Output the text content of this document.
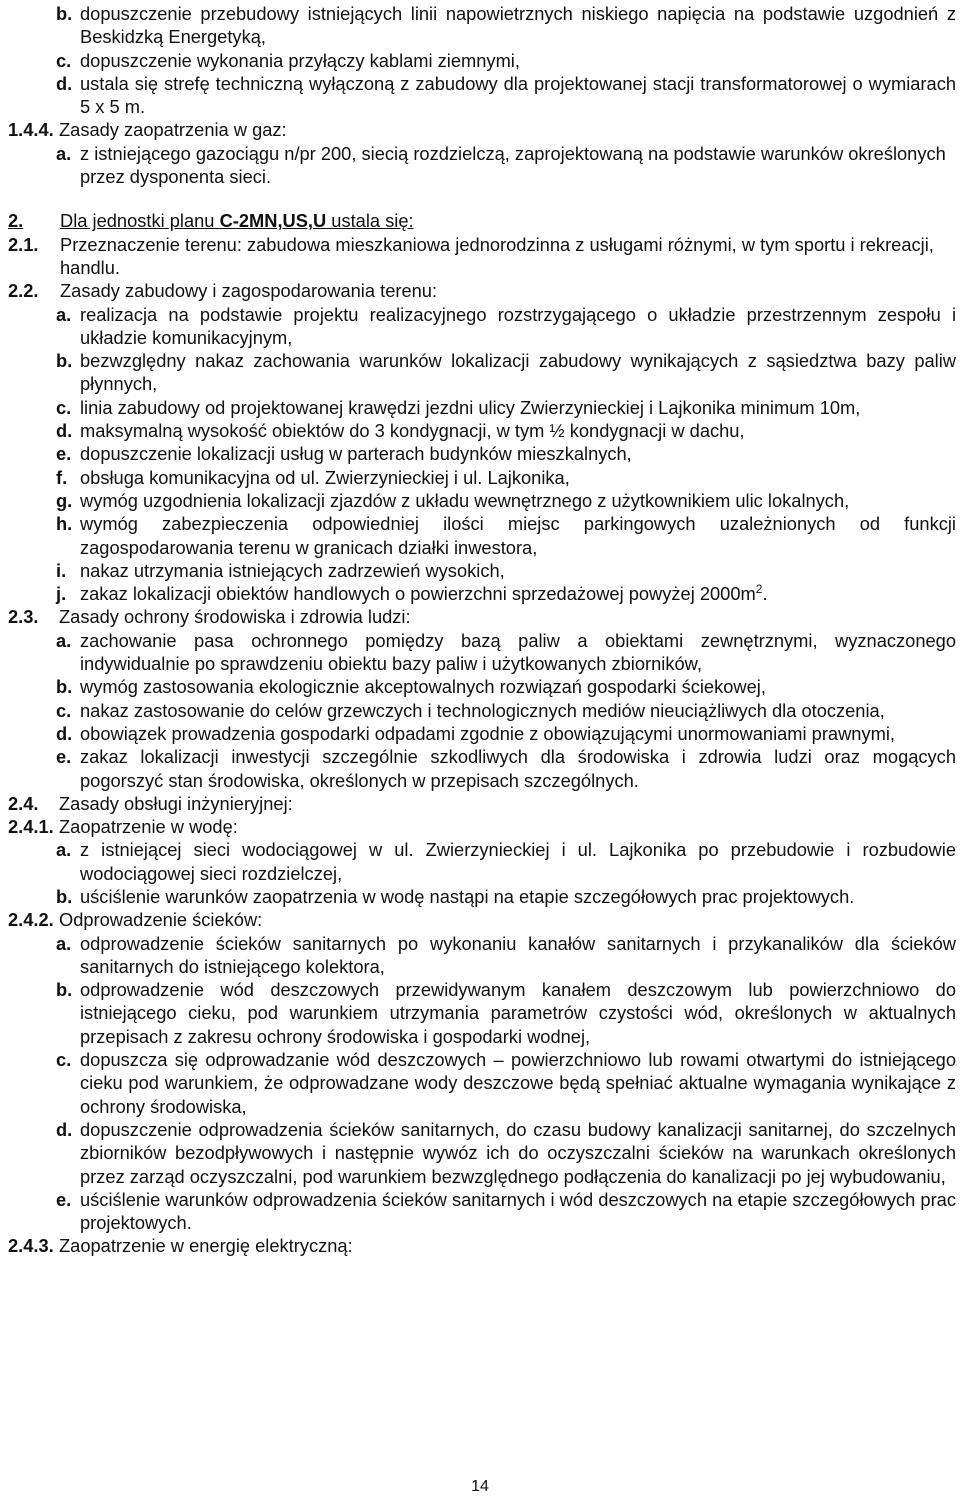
b. dopuszczenie przebudowy istniejących linii napowietrznych niskiego napięcia na podstawie uzgodnień z Beskidzką Energetyką,
c. dopuszczenie wykonania przyłączy kablami ziemnymi,
d. ustala się strefę techniczną wyłączoną z zabudowy dla projektowanej stacji transformatorowej o wymiarach 5 x 5 m.
1.4.4. Zasady zaopatrzenia w gaz:
a. z istniejącego gazociągu n/pr 200, siecią rozdzielczą, zaprojektowaną na podstawie warunków określonych przez dysponenta sieci.
2.	Dla jednostki planu C-2MN,US,U ustala się:
2.1.	Przeznaczenie terenu: zabudowa mieszkaniowa jednorodzinna z usługami różnymi, w tym sportu i rekreacji, handlu.
2.2.	Zasady zabudowy i zagospodarowania terenu:
a. realizacja na podstawie projektu realizacyjnego rozstrzygającego o układzie przestrzennym zespołu i układzie komunikacyjnym,
b. bezwzględny nakaz zachowania warunków lokalizacji zabudowy wynikających z sąsiedztwa bazy paliw płynnych,
c. linia zabudowy od projektowanej krawędzi jezdni ulicy Zwierzynieckiej i Lajkonika minimum 10m,
d. maksymalną wysokość obiektów do 3 kondygnacji, w tym ½ kondygnacji w dachu,
e. dopuszczenie lokalizacji usług w parterach budynków mieszkalnych,
f. obsługa komunikacyjna od ul. Zwierzynieckiej i ul. Lajkonika,
g. wymóg uzgodnienia lokalizacji zjazdów z układu wewnętrznego z użytkownikiem ulic lokalnych,
h. wymóg zabezpieczenia odpowiedniej ilości miejsc parkingowych uzależnionych od funkcji zagospodarowania terenu w granicach działki inwestora,
i. nakaz utrzymania istniejących zadrzewień wysokich,
j. zakaz lokalizacji obiektów handlowych o powierzchni sprzedażowej powyżej $2000m^2$.
2.3.	Zasady ochrony środowiska i zdrowia ludzi:
a. zachowanie pasa ochronnego pomiędzy bazą paliw a obiektami zewnętrznymi, wyznaczonego indywidualnie po sprawdzeniu obiektu bazy paliw i użytkowanych zbiorników,
b. wymóg zastosowania ekologicznie akceptowalnych rozwiązań gospodarki ściekowej,
c. nakaz zastosowanie do celów grzewczych i technologicznych mediów nieuciążliwych dla otoczenia,
d. obowiązek prowadzenia gospodarki odpadami zgodnie z obowiązującymi unormowaniami prawnymi,
e. zakaz lokalizacji inwestycji szczególnie szkodliwych dla środowiska i zdrowia ludzi oraz mogących pogorszyć stan środowiska, określonych w przepisach szczególnych.
2.4.	Zasady obsługi inżynieryjnej:
2.4.1. Zaopatrzenie w wodę:
a. z istniejącej sieci wodociągowej w ul. Zwierzynieckiej i ul. Lajkonika po przebudowie i rozbudowie wodociągowej sieci rozdzielczej,
b. uściślenie warunków zaopatrzenia w wodę nastąpi na etapie szczegółowych prac projektowych.
2.4.2. Odprowadzenie ścieków:
a. odprowadzenie ścieków sanitarnych po wykonaniu kanałów sanitarnych i przykanalików dla ścieków sanitarnych do istniejącego kolektora,
b. odprowadzenie wód deszczowych przewidywanym kanałem deszczowym lub powierzchniowo do istniejącego cieku, pod warunkiem utrzymania parametrów czystości wód, określonych w aktualnych przepisach z zakresu ochrony środowiska i gospodarki wodnej,
c. dopuszcza się odprowadzanie wód deszczowych – powierzchniowo lub rowami otwartymi do istniejącego cieku pod warunkiem, że odprowadzane wody deszczowe będą spełniać aktualne wymagania wynikające z ochrony środowiska,
d. dopuszczenie odprowadzenia ścieków sanitarnych, do czasu budowy kanalizacji sanitarnej, do szczelnych zbiorników bezodpływowych i następnie wywóz ich do oczyszczalni ścieków na warunkach określonych przez zarząd oczyszczalni, pod warunkiem bezwzględnego podłączenia do kanalizacji po jej wybudowaniu,
e. uściślenie warunków odprowadzenia ścieków sanitarnych i wód deszczowych na etapie szczegółowych prac projektowych.
2.4.3. Zaopatrzenie w energię elektryczną:
14
